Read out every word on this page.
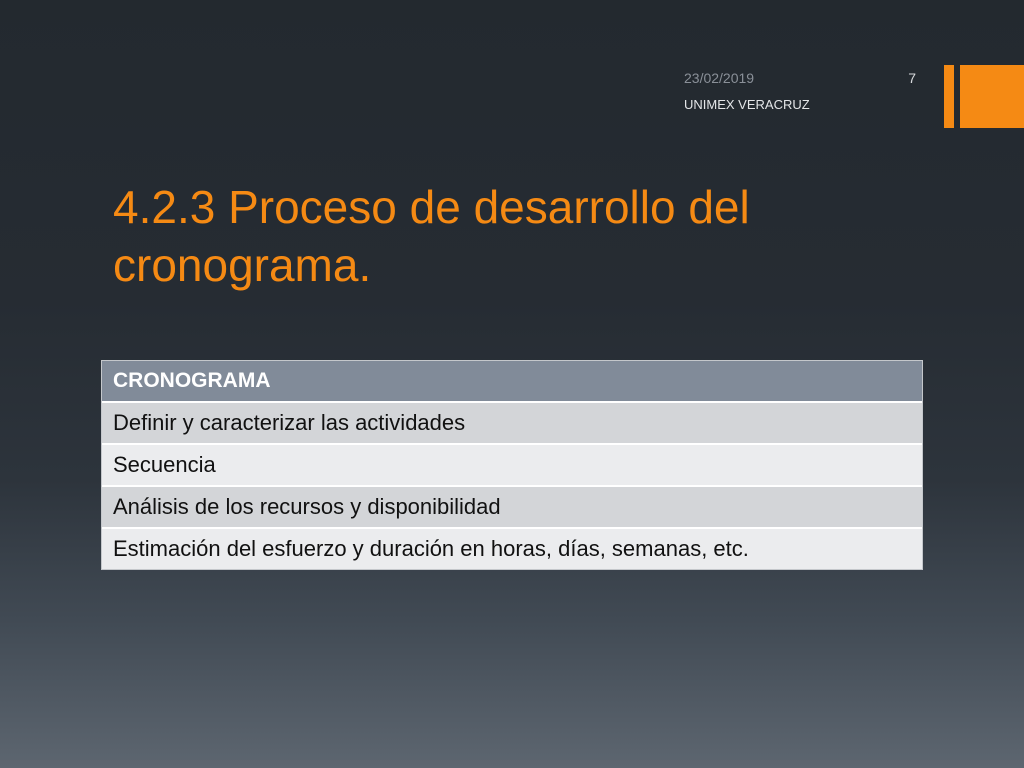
23/02/2019	7
UNIMEX VERACRUZ
4.2.3 Proceso de desarrollo del cronograma.
CRONOGRAMA
Definir y caracterizar las actividades
Secuencia
Análisis de los recursos y disponibilidad
Estimación del esfuerzo y duración en horas, días, semanas, etc.
